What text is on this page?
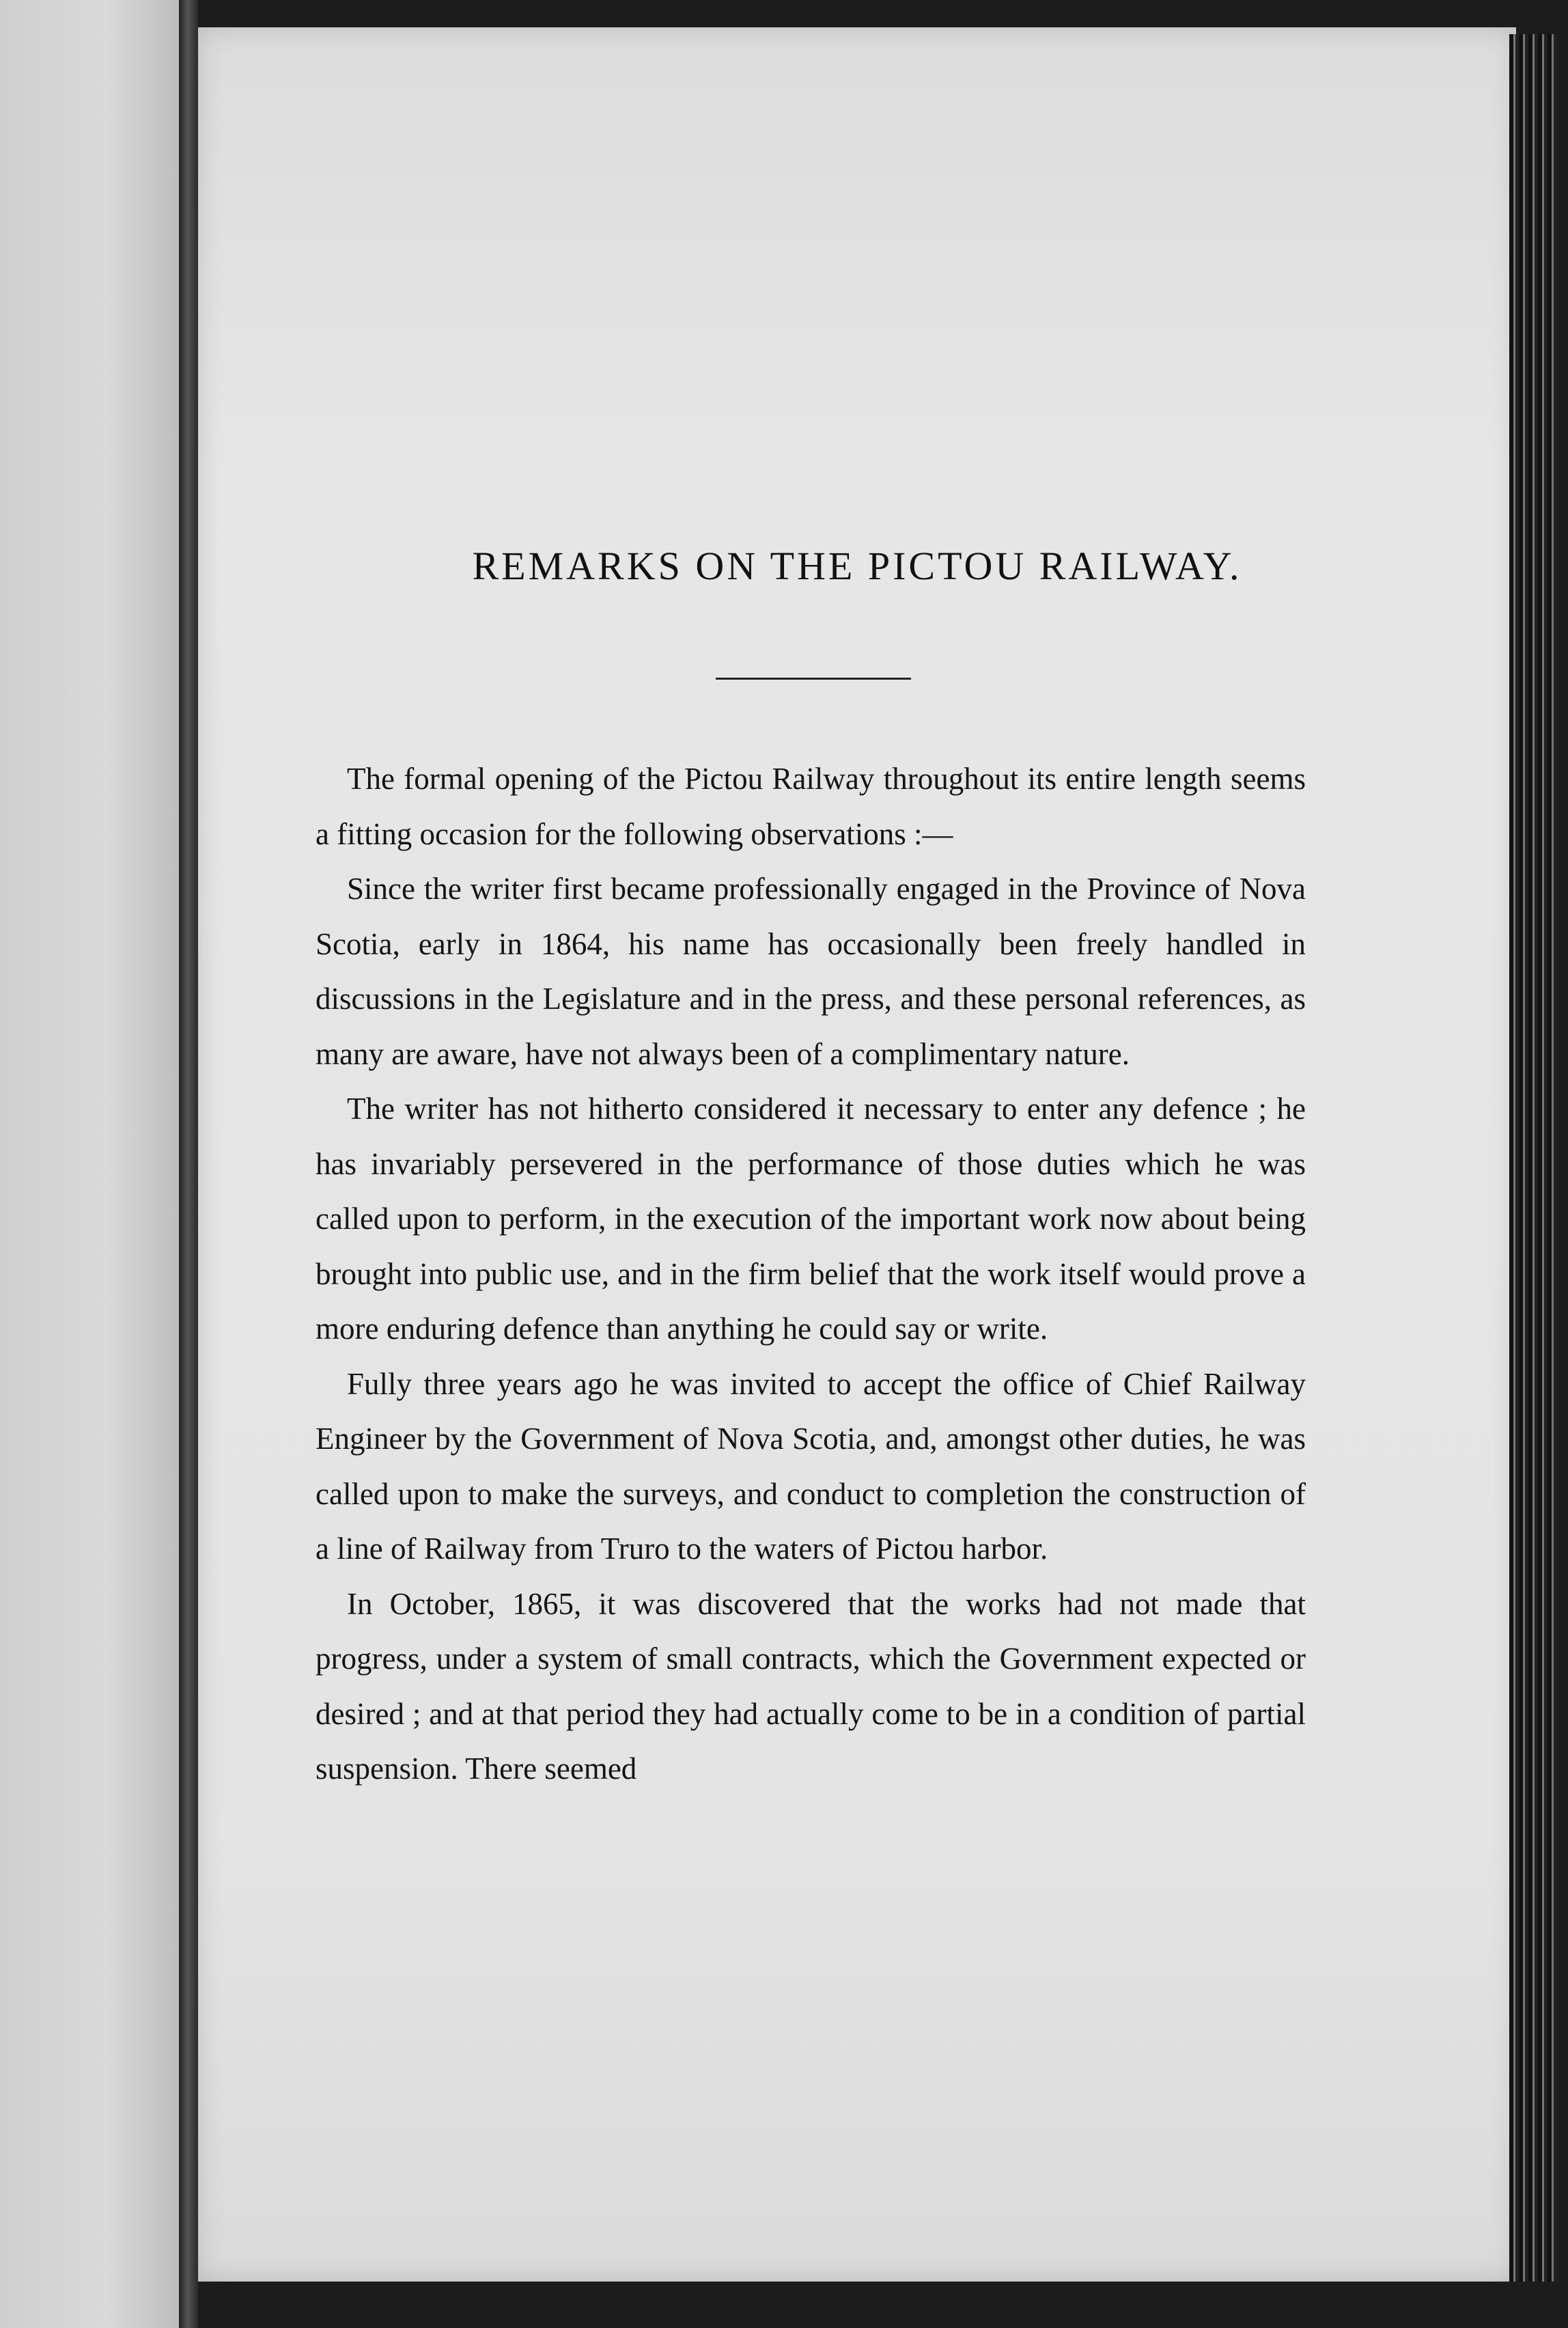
REMARKS ON THE PICTOU RAILWAY.

The formal opening of the Pictou Railway throughout its entire length seems a fitting occasion for the following observations :—

Since the writer first became professionally engaged in the Province of Nova Scotia, early in 1864, his name has occasionally been freely handled in discussions in the Legislature and in the press, and these personal references, as many are aware, have not always been of a complimentary nature.

The writer has not hitherto considered it necessary to enter any defence ; he has invariably persevered in the performance of those duties which he was called upon to perform, in the execution of the important work now about being brought into public use, and in the firm belief that the work itself would prove a more enduring defence than anything he could say or write.

Fully three years ago he was invited to accept the office of Chief Railway Engineer by the Government of Nova Scotia, and, amongst other duties, he was called upon to make the surveys, and conduct to completion the construction of a line of Railway from Truro to the waters of Pictou harbor.

In October, 1865, it was discovered that the works had not made that progress, under a system of small contracts, which the Government expected or desired ; and at that period they had actually come to be in a condition of partial suspension. There seemed
